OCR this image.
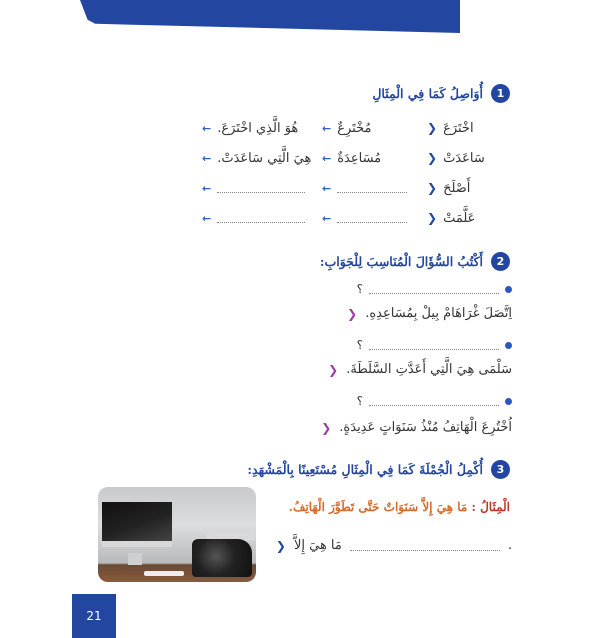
1
أُوَاصِلُ كَمَا فِي الْمِثَالِ
❮ اخْتَرَعَ
← مُخْتَرِعٌ
← هُوَ الَّذِي اخْتَرَعَ.
❮ سَاعَدَتْ
← مُسَاعِدَةٌ
← هِيَ الَّتِي سَاعَدَتْ.
❮ أَصْلَحَ
←
←
❮ عَلَّمَتْ
←
←
2
أَكْتُبُ السُّؤَالَ الْمُنَاسِبَ لِلْجَوَابِ:
؟
❮ اِتَّصَلَ غْرَاهَامْ بِيلْ بِمُسَاعِدِهِ.
؟
❮ سَلْمَى هِيَ الَّتِي أَعَدَّتِ السَّلَطَةَ.
؟
❮ اُخْتُرِعَ الْهَاتِفُ مُنْذُ سَنَوَاتٍ عَدِيدَةٍ.
3
أُكْمِلُ الْجُمْلَةَ كَمَا فِي الْمِثَالِ مُسْتَعِينًا بِالْمَشْهَدِ:
الْمِثَالُ : مَا هِيَ إِلاَّ سَنَوَاتٌ حَتَّى تَطَوَّرَ الْهَاتِفُ.
❮ مَا هِيَ إِلاَّ	.
21
